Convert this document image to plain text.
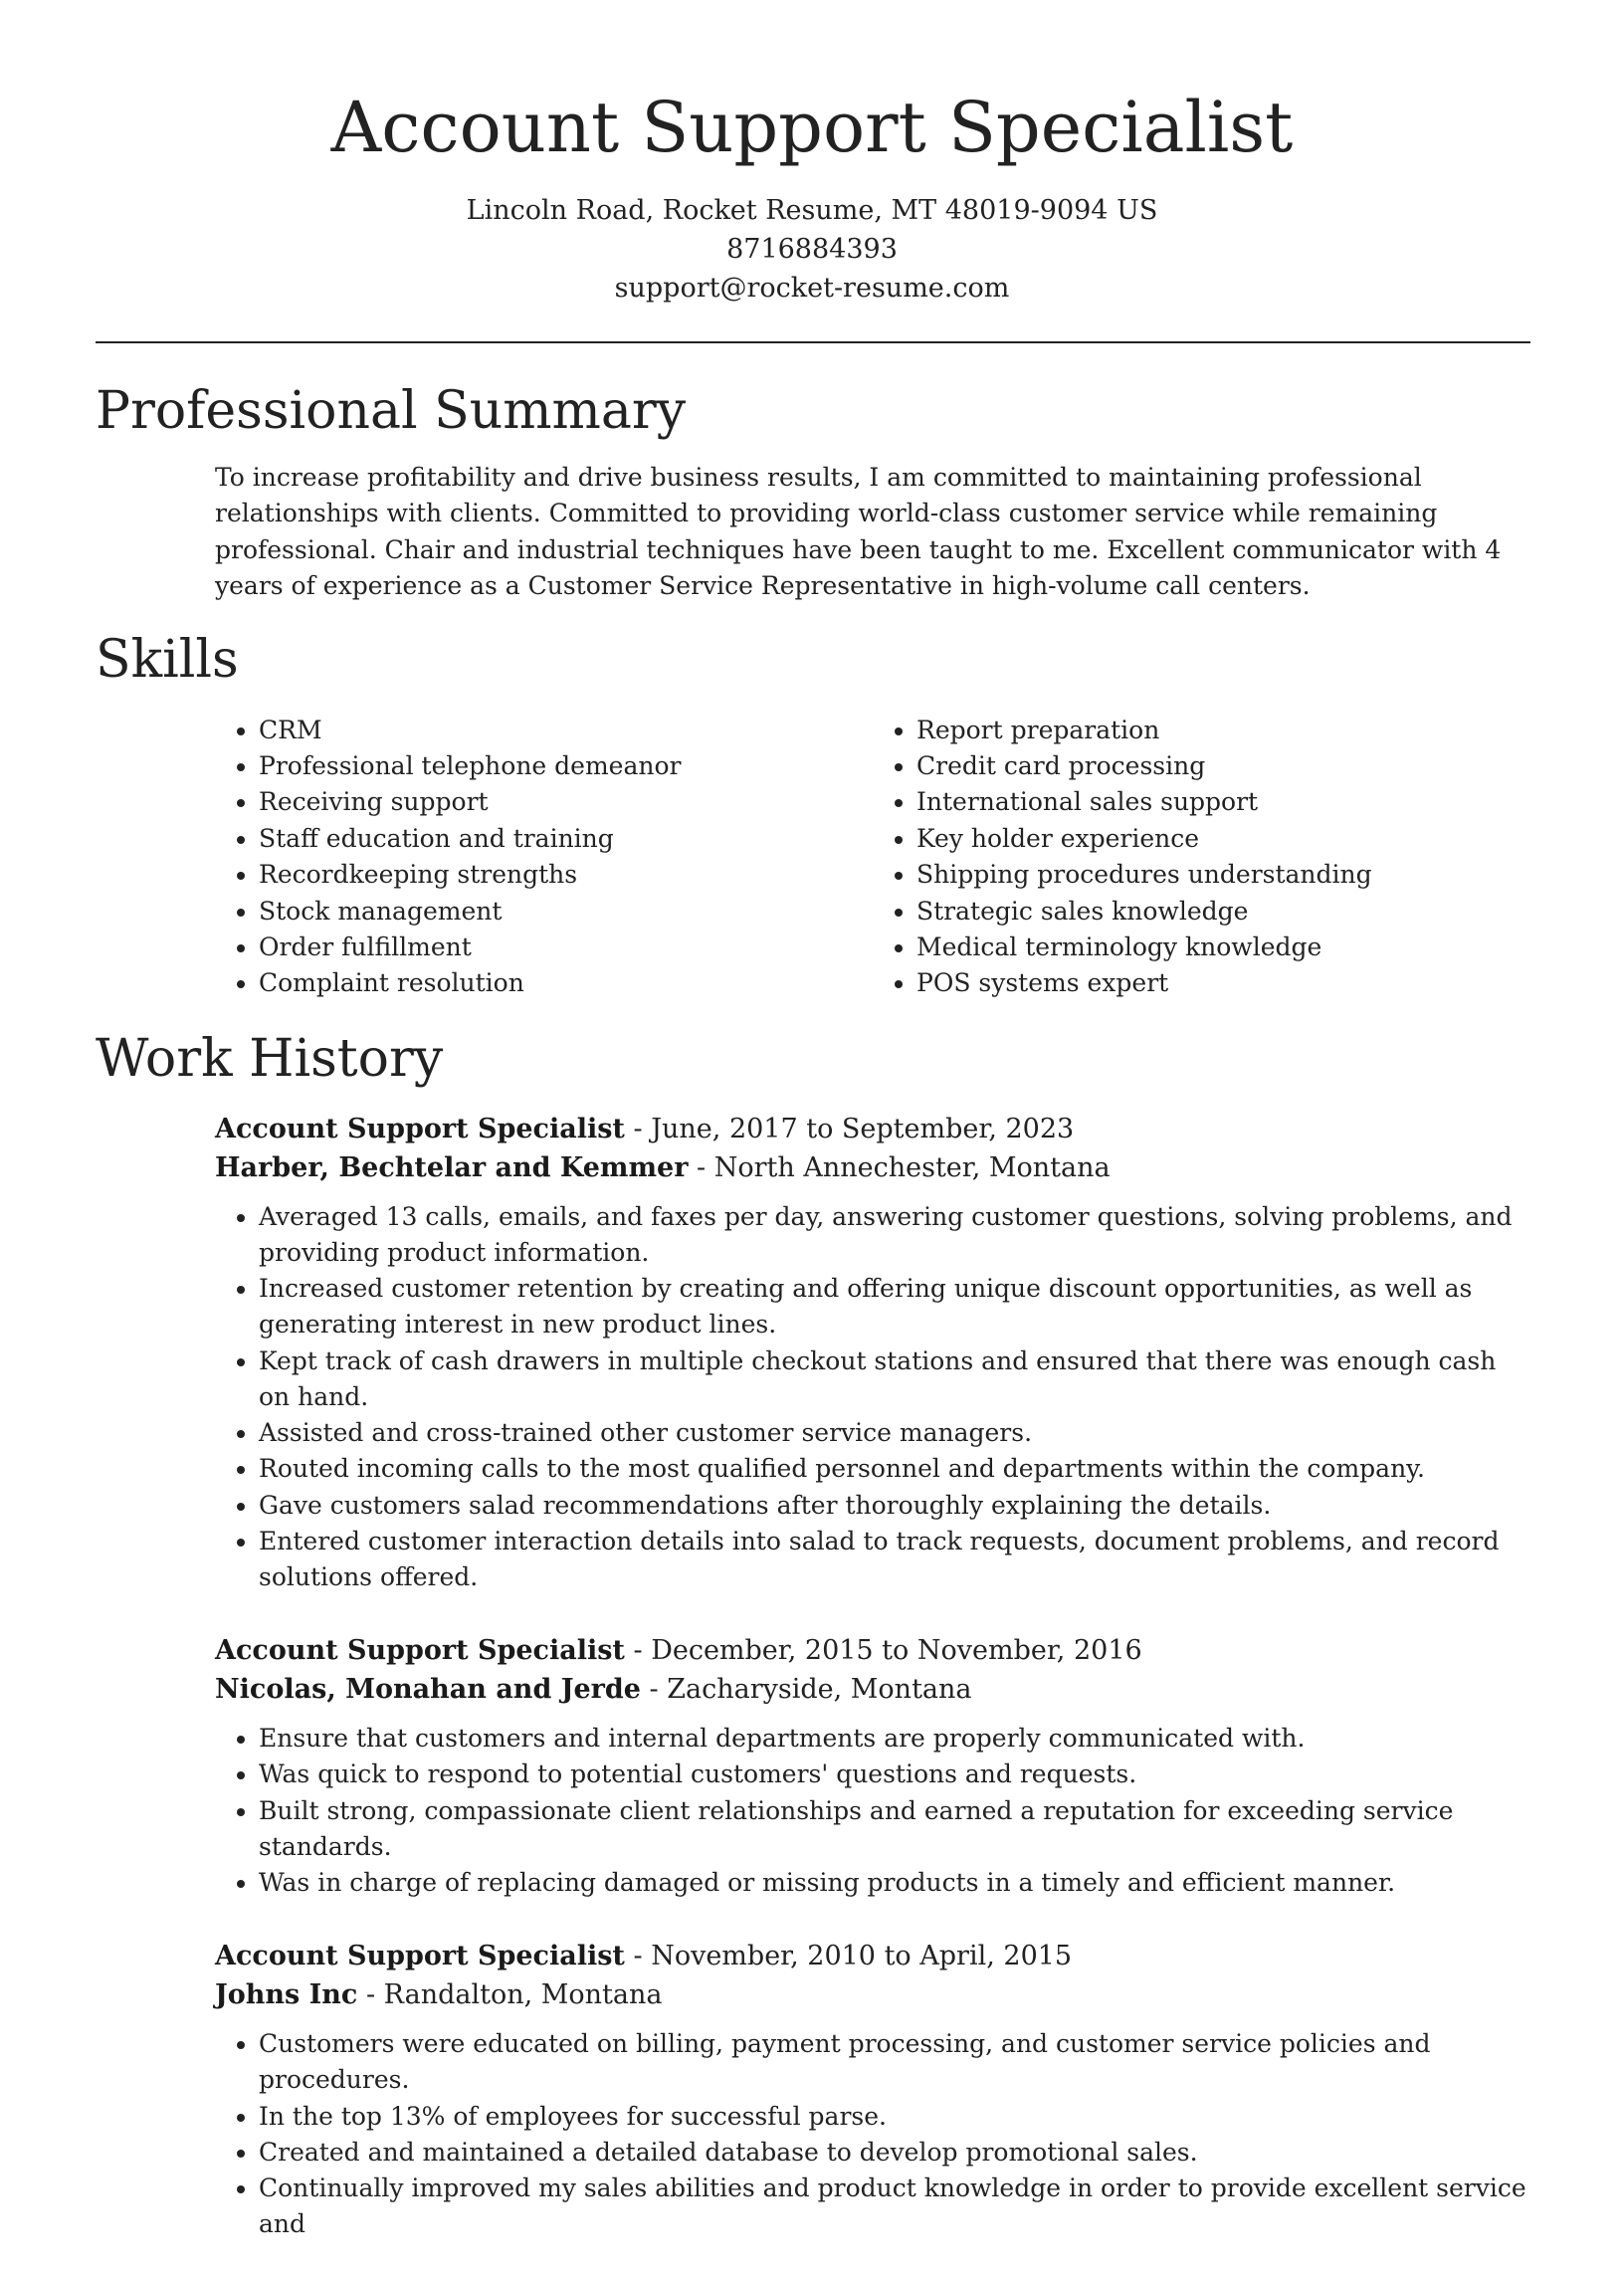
Account Support Specialist
Lincoln Road, Rocket Resume, MT 48019-9094 US
8716884393
support@rocket-resume.com
Professional Summary

To increase profitability and drive business results, I am committed to maintaining professional relationships with clients. Committed to providing world-class customer service while remaining professional. Chair and industrial techniques have been taught to me. Excellent communicator with 4 years of experience as a Customer Service Representative in high-volume call centers.

Skills
• CRM
• Professional telephone demeanor
• Receiving support
• Staff education and training
• Recordkeeping strengths
• Stock management
• Order fulfillment
• Complaint resolution
• Report preparation
• Credit card processing
• International sales support
• Key holder experience
• Shipping procedures understanding
• Strategic sales knowledge
• Medical terminology knowledge
• POS systems expert
Work History
Account Support Specialist - June, 2017 to September, 2023
Harber, Bechtelar and Kemmer - North Annechester, Montana
• Averaged 13 calls, emails, and faxes per day, answering customer questions, solving problems, and providing product information.
• Increased customer retention by creating and offering unique discount opportunities, as well as generating interest in new product lines.
• Kept track of cash drawers in multiple checkout stations and ensured that there was enough cash on hand.
• Assisted and cross-trained other customer service managers.
• Routed incoming calls to the most qualified personnel and departments within the company.
• Gave customers salad recommendations after thoroughly explaining the details.
• Entered customer interaction details into salad to track requests, document problems, and record solutions offered.
Account Support Specialist - December, 2015 to November, 2016
Nicolas, Monahan and Jerde - Zacharyside, Montana
• Ensure that customers and internal departments are properly communicated with.
• Was quick to respond to potential customers' questions and requests.
• Built strong, compassionate client relationships and earned a reputation for exceeding service standards.
• Was in charge of replacing damaged or missing products in a timely and efficient manner.
Account Support Specialist - November, 2010 to April, 2015
Johns Inc - Randalton, Montana
• Customers were educated on billing, payment processing, and customer service policies and procedures.
• In the top 13% of employees for successful parse.
• Created and maintained a detailed database to develop promotional sales.
• Continually improved my sales abilities and product knowledge in order to provide excellent service and
